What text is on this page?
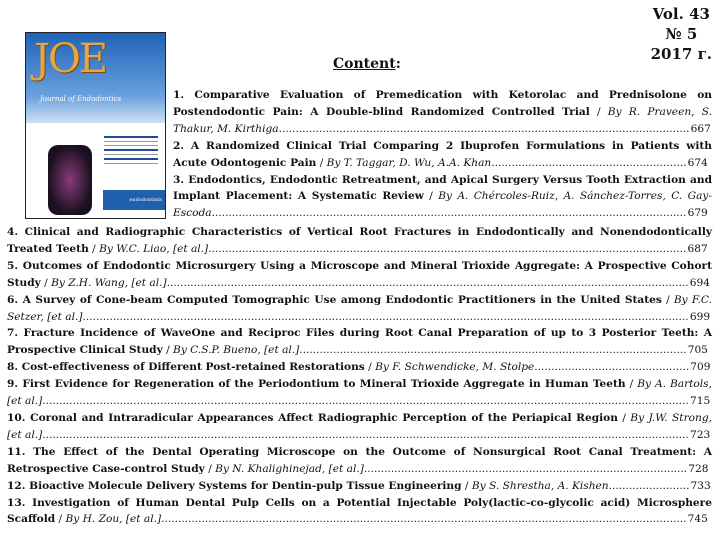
JOE
Journal of Endodontics
endodontists
Content:
Vol. 43
№ 5
2017 г.
1. Comparative Evaluation of Premedication with Ketorolac and Prednisolone on Postendodontic Pain: A Double-blind Randomized Controlled Trial / By R. Praveen, S. Thakur, M. Kirthiga..........................................................................................................................667
2. A Randomized Clinical Trial Comparing 2 Ibuprofen Formulations in Patients with Acute Odontogenic Pain / By T. Taggar, D. Wu, A.A. Khan..........................................................674
3. Endodontics, Endodontic Retreatment, and Apical Surgery Versus Tooth Extraction and Implant Placement: A Systematic Review / By A. Chércoles-Ruiz, A. Sánchez-Torres, C. Gay-Escoda.............................................................................................................................................679
4. Clinical and Radiographic Characteristics of Vertical Root Fractures in Endodontically and Nonendodontically Treated Teeth / By W.C. Liao, [et al.]..............................................................................................................................................687
5. Outcomes of Endodontic Microsurgery Using a Microscope and Mineral Trioxide Aggregate: A Prospective Cohort Study / By Z.H. Wang, [et al.]...........................................................................................................................................................694
6. A Survey of Cone-beam Computed Tomographic Use among Endodontic Practitioners in the United States / By F.C. Setzer, [et al.]....................................................................................................................................................................................699
7. Fracture Incidence of WaveOne and Reciproc Files during Root Canal Preparation of up to 3 Posterior Teeth: A Prospective Clinical Study / By C.S.P. Bueno, [et al.]...................................................................................................................705
8. Cost-effectiveness of Different Post-retained Restorations / By F. Schwendicke, M. Stolpe..............................................709
9. First Evidence for Regeneration of the Periodontium to Mineral Trioxide Aggregate in Human Teeth / By A. Bartols, [et al.]................................................................................................................................................................................................715
10. Coronal and Intraradicular Appearances Affect Radiographic Perception of the Periapical Region / By J.W. Strong, [et al.]................................................................................................................................................................................................723
11. The Effect of the Dental Operating Microscope on the Outcome of Nonsurgical Root Canal Treatment: A Retrospective Case-control Study / By N. Khalighinejad, [et al.]................................................................................................728
12. Bioactive Molecule Delivery Systems for Dentin-pulp Tissue Engineering / By S. Shrestha, A. Kishen........................733
13. Investigation of Human Dental Pulp Cells on a Potential Injectable Poly(lactic-co-glycolic acid) Microsphere Scaffold / By H. Zou, [et al.]............................................................................................................................................................745
